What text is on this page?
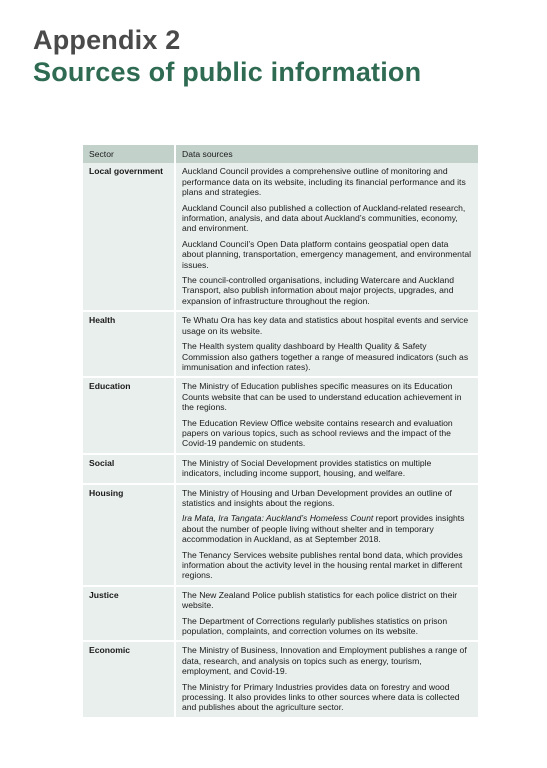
Appendix 2
Sources of public information
Sector	Data sources
Local government	Auckland Council provides a comprehensive outline of monitoring and performance data on its website, including its financial performance and its plans and strategies.

Auckland Council also published a collection of Auckland-related research, information, analysis, and data about Auckland’s communities, economy, and environment.

Auckland Council’s Open Data platform contains geospatial open data about planning, transportation, emergency management, and environmental issues.

The council-controlled organisations, including Watercare and Auckland Transport, also publish information about major projects, upgrades, and expansion of infrastructure throughout the region.

Health	Te Whatu Ora has key data and statistics about hospital events and service usage on its website.

The Health system quality dashboard by Health Quality & Safety Commission also gathers together a range of measured indicators (such as immunisation and infection rates).

Education	The Ministry of Education publishes specific measures on its Education Counts website that can be used to understand education achievement in the regions.

The Education Review Office website contains research and evaluation papers on various topics, such as school reviews and the impact of the Covid-19 pandemic on students.

Social	The Ministry of Social Development provides statistics on multiple indicators, including income support, housing, and welfare.

Housing	The Ministry of Housing and Urban Development provides an outline of statistics and insights about the regions.

Ira Mata, Ira Tangata: Auckland’s Homeless Count report provides insights about the number of people living without shelter and in temporary accommodation in Auckland, as at September 2018.

The Tenancy Services website publishes rental bond data, which provides information about the activity level in the housing rental market in different regions.

Justice	The New Zealand Police publish statistics for each police district on their website.

The Department of Corrections regularly publishes statistics on prison population, complaints, and correction volumes on its website.

Economic	The Ministry of Business, Innovation and Employment publishes a range of data, research, and analysis on topics such as energy, tourism, employment, and Covid-19.

The Ministry for Primary Industries provides data on forestry and wood processing. It also provides links to other sources where data is collected and publishes about the agriculture sector.
